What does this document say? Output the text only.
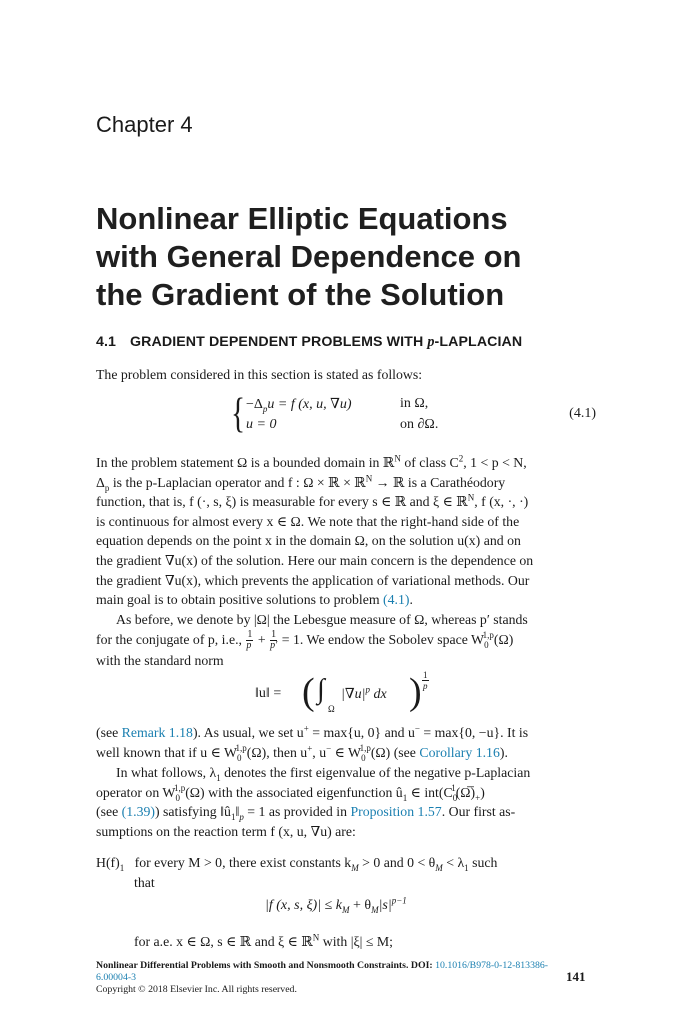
Chapter 4
Nonlinear Elliptic Equations
with General Dependence on
the Gradient of the Solution
4.1 GRADIENT DEPENDENT PROBLEMS WITH p-LAPLACIAN
The problem considered in this section is stated as follows:
{ $-\Delta_pu = f$ (x, u, ∇u)	in Ω,
u = 0	on ∂Ω.
(4.1)
In the problem statement Ω is a bounded domain in ℝ$^N$ of class $C^2$, 1 < p < N,
$\Delta_p$ is the p-Laplacian operator and f : Ω × ℝ × ℝ$^N$ → ℝ is a Carathéodory
function, that is, f (·, s, ξ) is measurable for every s ∈ ℝ and ξ ∈ ℝ$^N$, f (x, ·, ·)
is continuous for almost every x ∈ Ω. We note that the right-hand side of the
equation depends on the point x in the domain Ω, on the solution u(x) and on
the gradient ∇u(x) of the solution. Here our main concern is the dependence on
the gradient ∇u(x), which prevents the application of variational methods. Our
main goal is to obtain positive solutions to problem (4.1).
As before, we denote by |Ω| the Lebesgue measure of Ω, whereas p′ stands
for the conjugate of p, i.e., $\frac{1}{p} + \frac{1}{p'} = 1$. We endow the Sobolev space $W_0^{1,p}(\Omega)$
with the standard norm
‖u‖ = ( ∫
Ω
$|\nabla u|^p$ dx ) $\frac{1}{p}$
(see Remark 1.18). As usual, we set u+ = max{u, 0} and u− = max{0, −u}. It is
well known that if u ∈ $W_0^{1,p}(\Omega)$, then u+, u− ∈ $W_0^{1,p}(\Omega)$ (see Corollary 1.16).
In what follows, $\lambda_1$ denotes the first eigenvalue of the negative p-Laplacian
operator on $W_0^{1,p}(\Omega)$ with the associated eigenfunction $û_1$ ∈ $int(C_0^1(\Omega̅)_+)$
(see (1.39)) satisfying $‖û_1‖_p = 1$ as provided in Proposition 1.57. Our first as-
sumptions on the reaction term f (x, u, ∇u) are:
$H(f)_1$ for every M > 0, there exist constants $k_M > 0$ and $0 < \theta_M < \lambda_1$ such
that
|f (x, s, $\xi)| \le k_M + \theta_M|s|^{p-1}$
for a.e. x ∈ Ω, s ∈ ℝ and ξ ∈ ℝ$^N$ with |ξ| ≤ M;
Nonlinear Differential Problems with Smooth and Nonsmooth Constraints. DOI: 10.1016/B978-0-12-813386-6.00004-3
Copyright © 2018 Elsevier Inc. All rights reserved.
141
